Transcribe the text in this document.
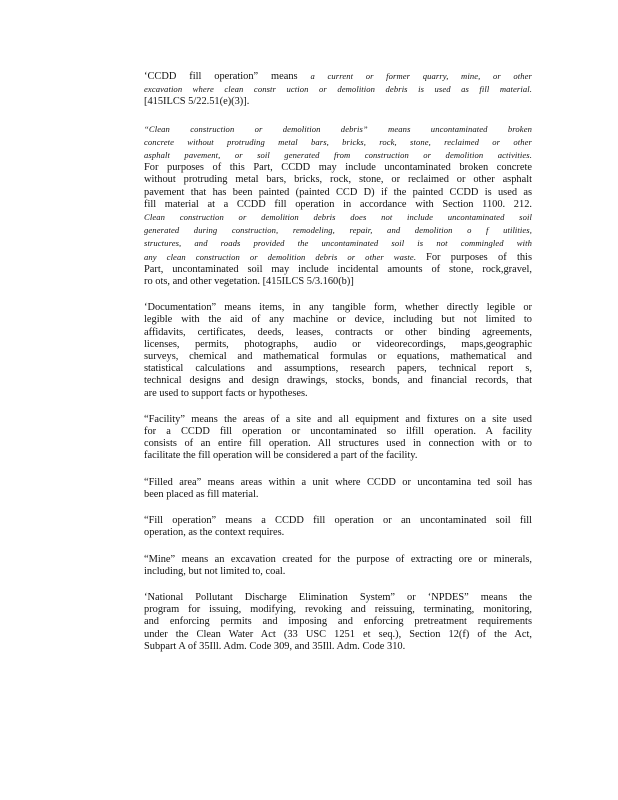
‘CCDD fill operation” means a current or former quarry, mine, or other
excavation where clean constr uction or demolition debris is used as fill material.
[415ILCS 5/22.51(e)(3)].
“Clean construction or demolition debris” means uncontaminated broken
concrete without protruding metal bars, bricks, rock, stone, reclaimed or other
asphalt pavement, or soil generated from construction or demolition activities.
For purposes of this Part, CCDD may include uncontaminated broken concrete
without protruding metal bars, bricks, rock, stone, or reclaimed or other asphalt
pavement that has been painted (painted CCD D) if the painted CCDD is used as
fill material at a CCDD fill operation in accordance with Section 1100. 212.
Clean construction or demolition debris does not include uncontaminated soil
generated during construction, remodeling, repair, and demolition o f utilities,
structures, and roads provided the uncontaminated soil is not commingled with
any clean construction or demolition debris or other waste. For purposes of this
Part, uncontaminated soil may include incidental amounts of stone, rock,gravel,
ro ots, and other vegetation. [415ILCS 5/3.160(b)]
‘Documentation” means items, in any tangible form, whether directly legible or
legible with the aid of any machine or device, including but not limited to
affidavits, certificates, deeds, leases, contracts or other binding agreements,
licenses, permits, photographs, audio or videorecordings, maps,geographic
surveys, chemical and mathematical formulas or equations, mathematical and
statistical calculations and assumptions, research papers, technical report s,
technical designs and design drawings, stocks, bonds, and financial records, that
are used to support facts or hypotheses.
“Facility” means the areas of a site and all equipment and fixtures on a site used
for a CCDD fill operation or uncontaminated so ilfill operation. A facility
consists of an entire fill operation. All structures used in connection with or to
facilitate the fill operation will be considered a part of the facility.
“Filled area” means areas within a unit where CCDD or uncontamina ted soil has
been placed as fill material.
“Fill operation” means a CCDD fill operation or an uncontaminated soil fill
operation, as the context requires.
“Mine” means an excavation created for the purpose of extracting ore or minerals,
including, but not limited to, coal.
‘National Pollutant Discharge Elimination System” or ‘NPDES” means the
program for issuing, modifying, revoking and reissuing, terminating, monitoring,
and enforcing permits and imposing and enforcing pretreatment requirements
under the Clean Water Act (33 USC 1251 et seq.), Section 12(f) of the Act,
Subpart A of 35Ill. Adm. Code 309, and 35Ill. Adm. Code 310.
